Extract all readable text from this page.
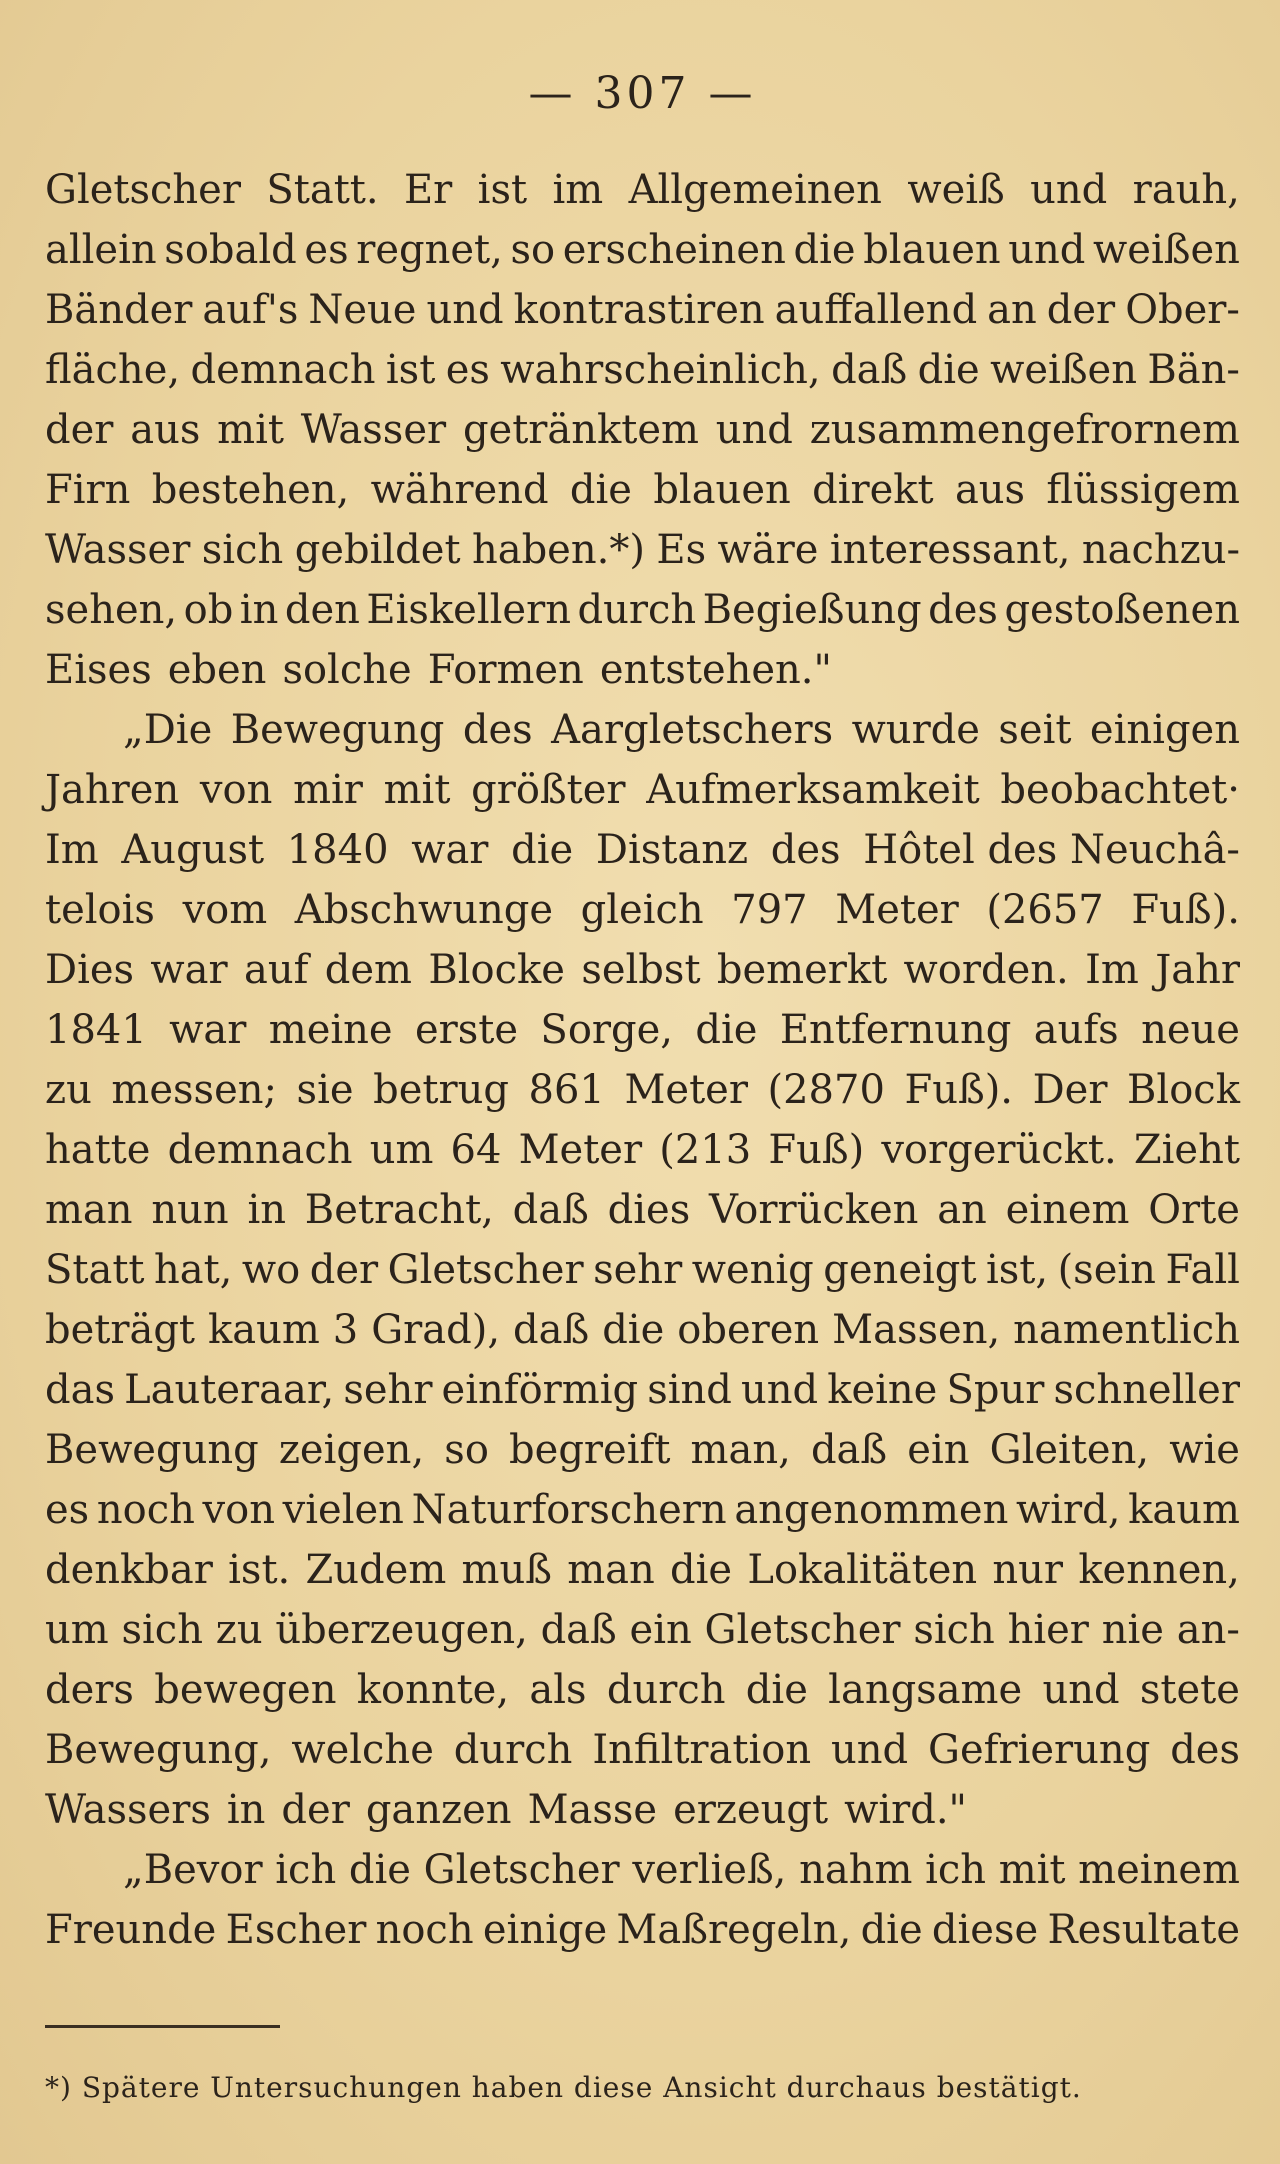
— 307 —
Gletscher Statt. Er ist im Allgemeinen weiß und rauh,
allein sobald es regnet, so erscheinen die blauen und weißen
Bänder auf's Neue und kontrastiren auffallend an der Ober-
fläche, demnach ist es wahrscheinlich, daß die weißen Bän-
der aus mit Wasser getränktem und zusammengefrornem
Firn bestehen, während die blauen direkt aus flüssigem
Wasser sich gebildet haben.*) Es wäre interessant, nachzu-
sehen, ob in den Eiskellern durch Begießung des gestoßenen
Eises eben solche Formen entstehen."
„Die Bewegung des Aargletschers wurde seit einigen
Jahren von mir mit größter Aufmerksamkeit beobachtet·
Im August 1840 war die Distanz des Hôtel des Neuchâ-
telois vom Abschwunge gleich 797 Meter (2657 Fuß).
Dies war auf dem Blocke selbst bemerkt worden. Im Jahr
1841 war meine erste Sorge, die Entfernung aufs neue
zu messen; sie betrug 861 Meter (2870 Fuß). Der Block
hatte demnach um 64 Meter (213 Fuß) vorgerückt. Zieht
man nun in Betracht, daß dies Vorrücken an einem Orte
Statt hat, wo der Gletscher sehr wenig geneigt ist, (sein Fall
beträgt kaum 3 Grad), daß die oberen Massen, namentlich
das Lauteraar, sehr einförmig sind und keine Spur schneller
Bewegung zeigen, so begreift man, daß ein Gleiten, wie
es noch von vielen Naturforschern angenommen wird, kaum
denkbar ist. Zudem muß man die Lokalitäten nur kennen,
um sich zu überzeugen, daß ein Gletscher sich hier nie an-
ders bewegen konnte, als durch die langsame und stete
Bewegung, welche durch Infiltration und Gefrierung des
Wassers in der ganzen Masse erzeugt wird."
„Bevor ich die Gletscher verließ, nahm ich mit meinem
Freunde Escher noch einige Maßregeln, die diese Resultate
*) Spätere Untersuchungen haben diese Ansicht durchaus bestätigt.
